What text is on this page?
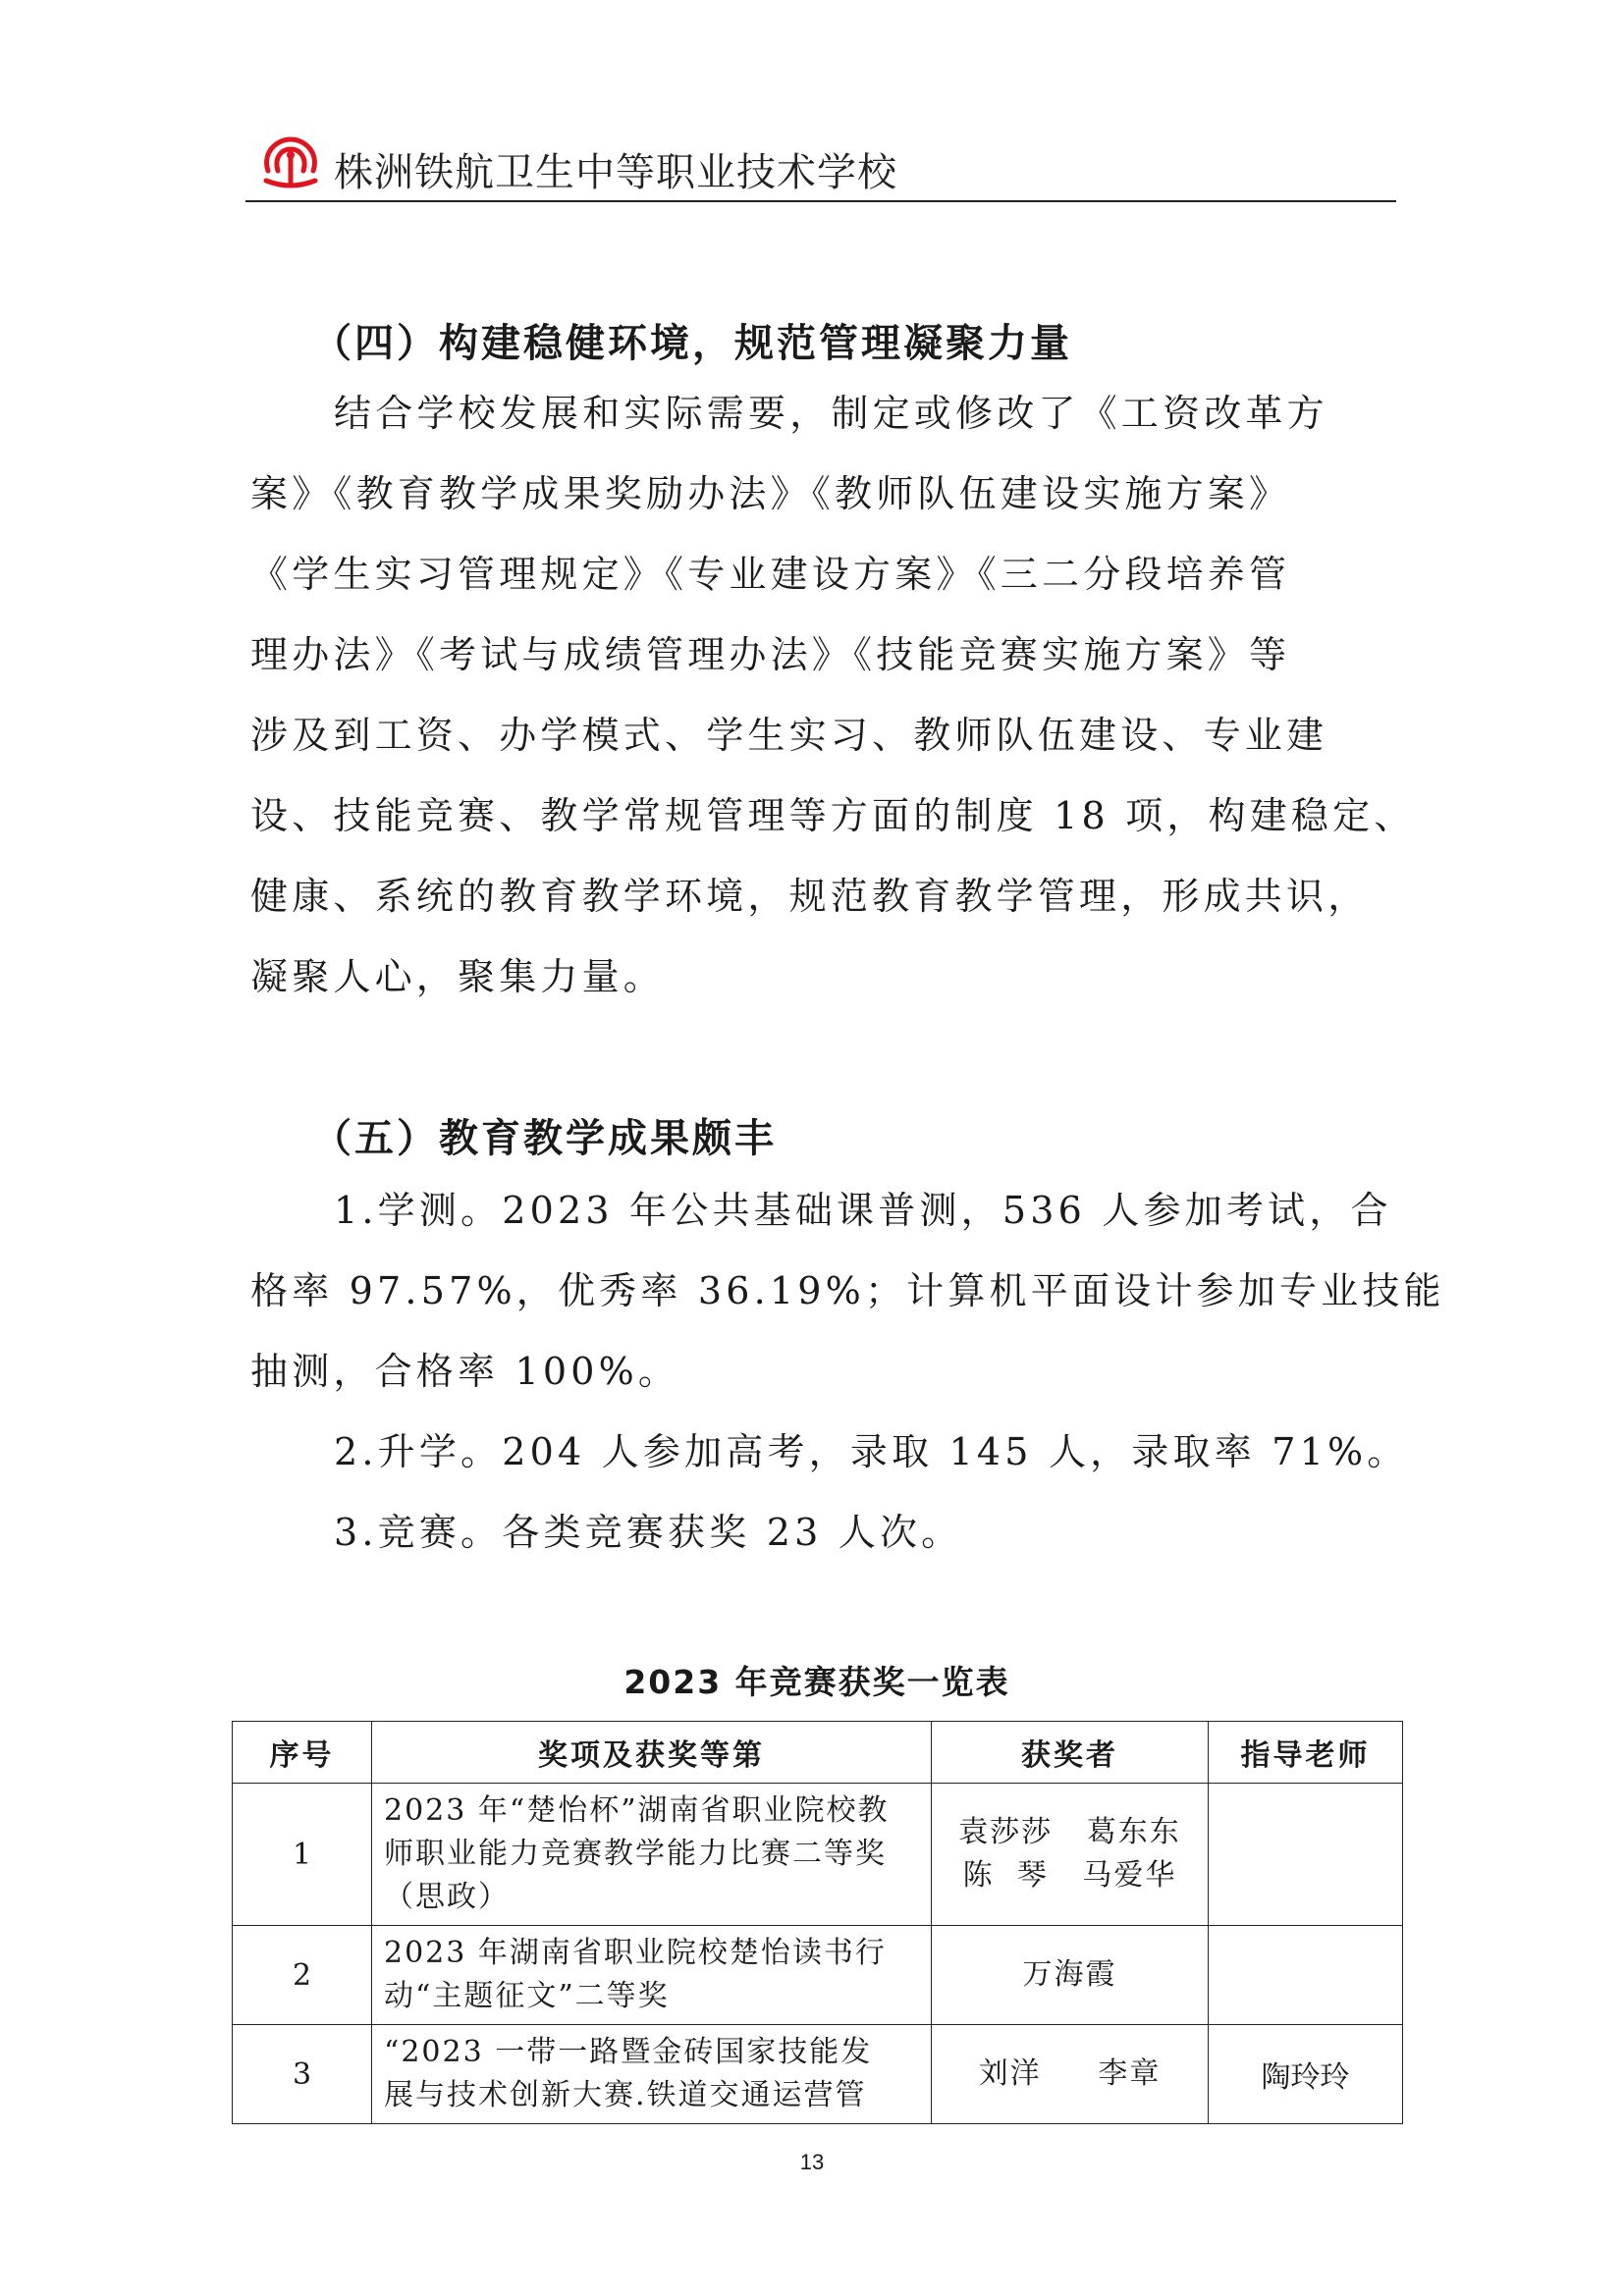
株洲铁航卫生中等职业技术学校
（四）构建稳健环境，规范管理凝聚力量
结合学校发展和实际需要，制定或修改了《工资改革方
案》《教育教学成果奖励办法》《教师队伍建设实施方案》
《学生实习管理规定》《专业建设方案》《三二分段培养管
理办法》《考试与成绩管理办法》《技能竞赛实施方案》等
涉及到工资、办学模式、学生实习、教师队伍建设、专业建
设、技能竞赛、教学常规管理等方面的制度 18 项，构建稳定、
健康、系统的教育教学环境，规范教育教学管理，形成共识，
凝聚人心，聚集力量。
（五）教育教学成果颇丰
1.学测。2023 年公共基础课普测，536 人参加考试，合
格率 97.57%，优秀率 36.19%；计算机平面设计参加专业技能
抽测，合格率 100%。
2.升学。204 人参加高考，录取 145 人，录取率 71%。
3.竞赛。各类竞赛获奖 23 人次。
2023 年竞赛获奖一览表
序号	奖项及获奖等第	获奖者	指导老师
1	2023 年“楚怡杯”湖南省职业院校教
师职业能力竞赛教学能力比赛二等奖
（思政）	袁莎莎   葛东东
陈  琴   马爱华	

2	2023 年湖南省职业院校楚怡读书行
动“主题征文”二等奖	万海霞	

3	“2023 一带一路暨金砖国家技能发
展与技术创新大赛.铁道交通运营管	刘洋     李章	陶玲玲
13
